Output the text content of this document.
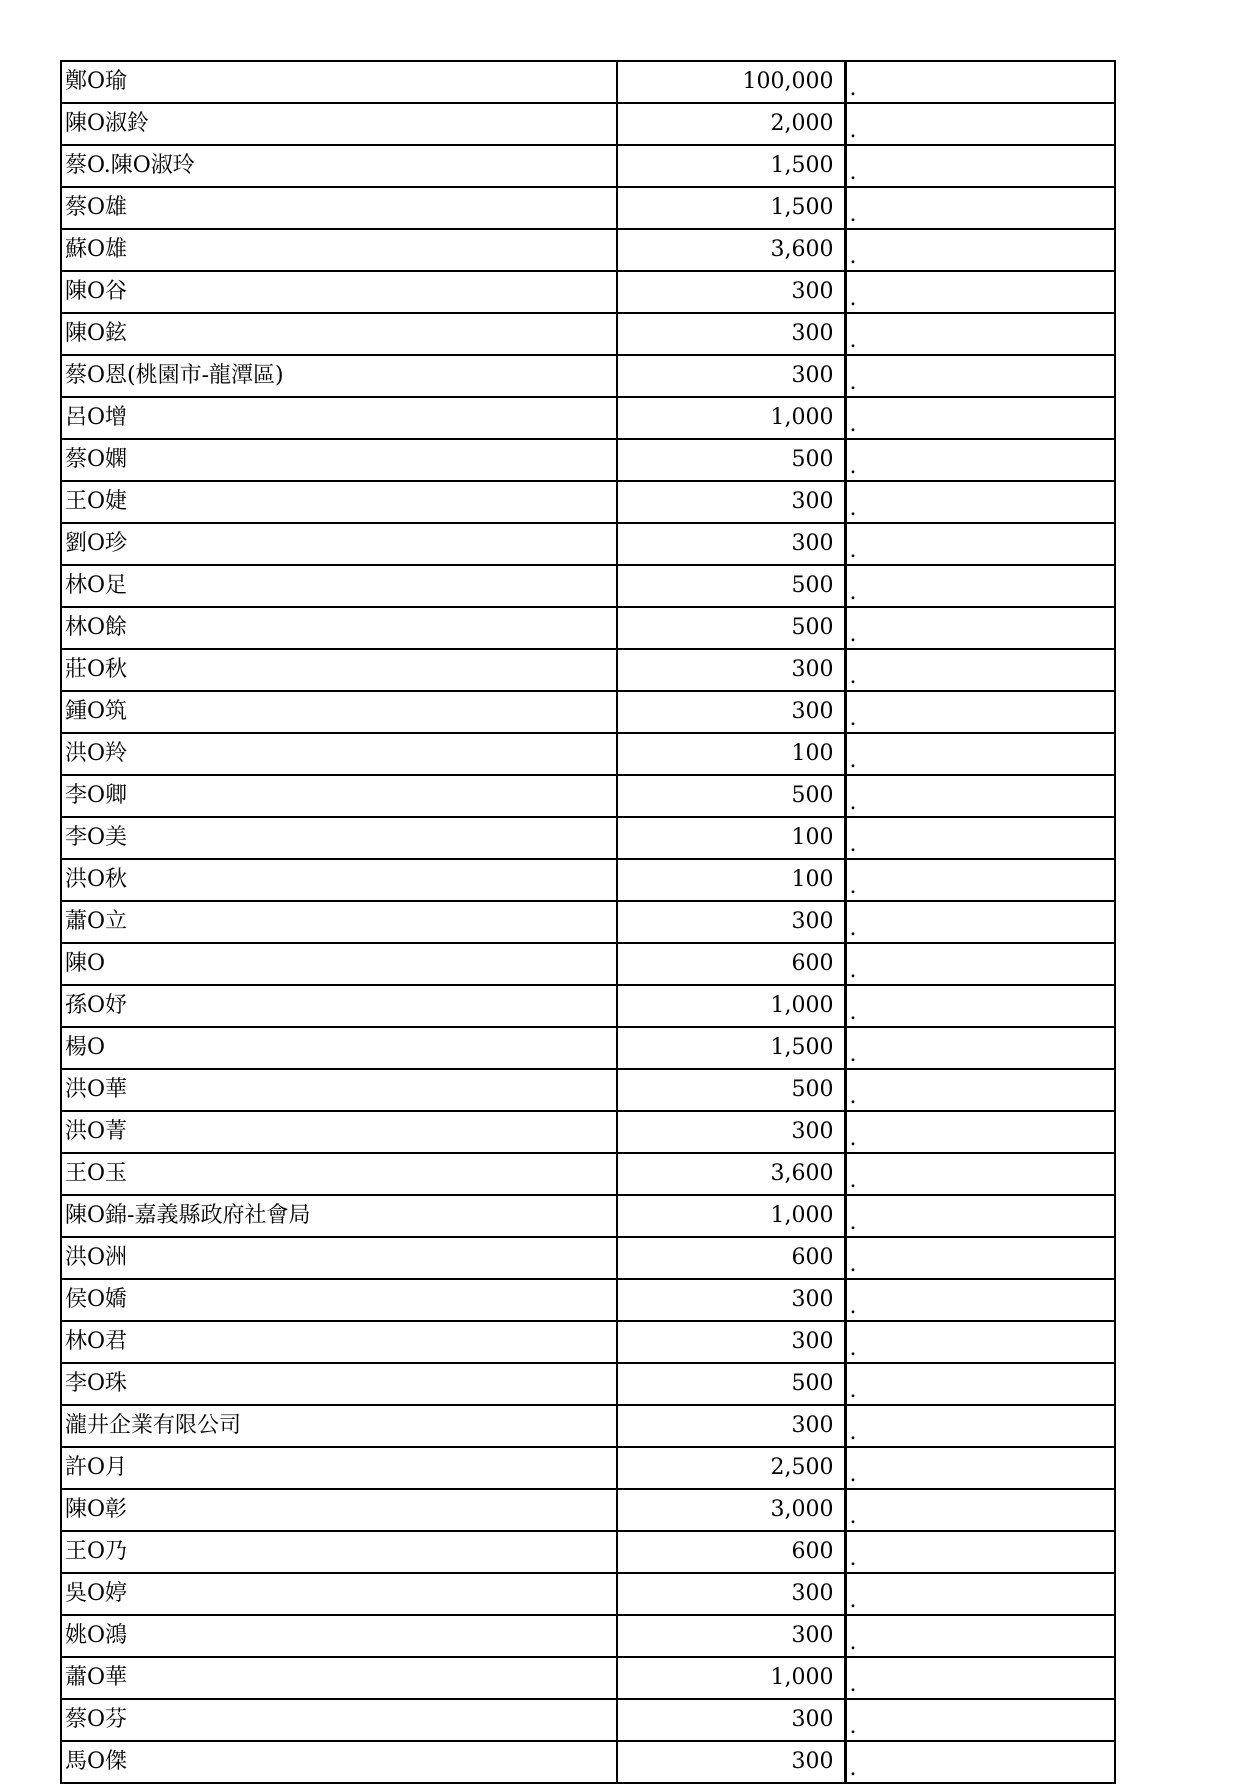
鄭O瑜	100,000	.
陳O淑鈴	2,000	.
蔡O.陳O淑玲	1,500	.
蔡O雄	1,500	.
蘇O雄	3,600	.
陳O谷	300	.
陳O鉉	300	.
蔡O恩(桃園市-龍潭區)	300	.
呂O增	1,000	.
蔡O嫻	500	.
王O婕	300	.
劉O珍	300	.
林O足	500	.
林O餘	500	.
莊O秋	300	.
鍾O筑	300	.
洪O羚	100	.
李O卿	500	.
李O美	100	.
洪O秋	100	.
蕭O立	300	.
陳O	600	.
孫O妤	1,000	.
楊O	1,500	.
洪O華	500	.
洪O菁	300	.
王O玉	3,600	.
陳O錦-嘉義縣政府社會局	1,000	.
洪O洲	600	.
侯O嬌	300	.
林O君	300	.
李O珠	500	.
瀧井企業有限公司	300	.
許O月	2,500	.
陳O彰	3,000	.
王O乃	600	.
吳O婷	300	.
姚O鴻	300	.
蕭O華	1,000	.
蔡O芬	300	.
馬O傑	300	.
